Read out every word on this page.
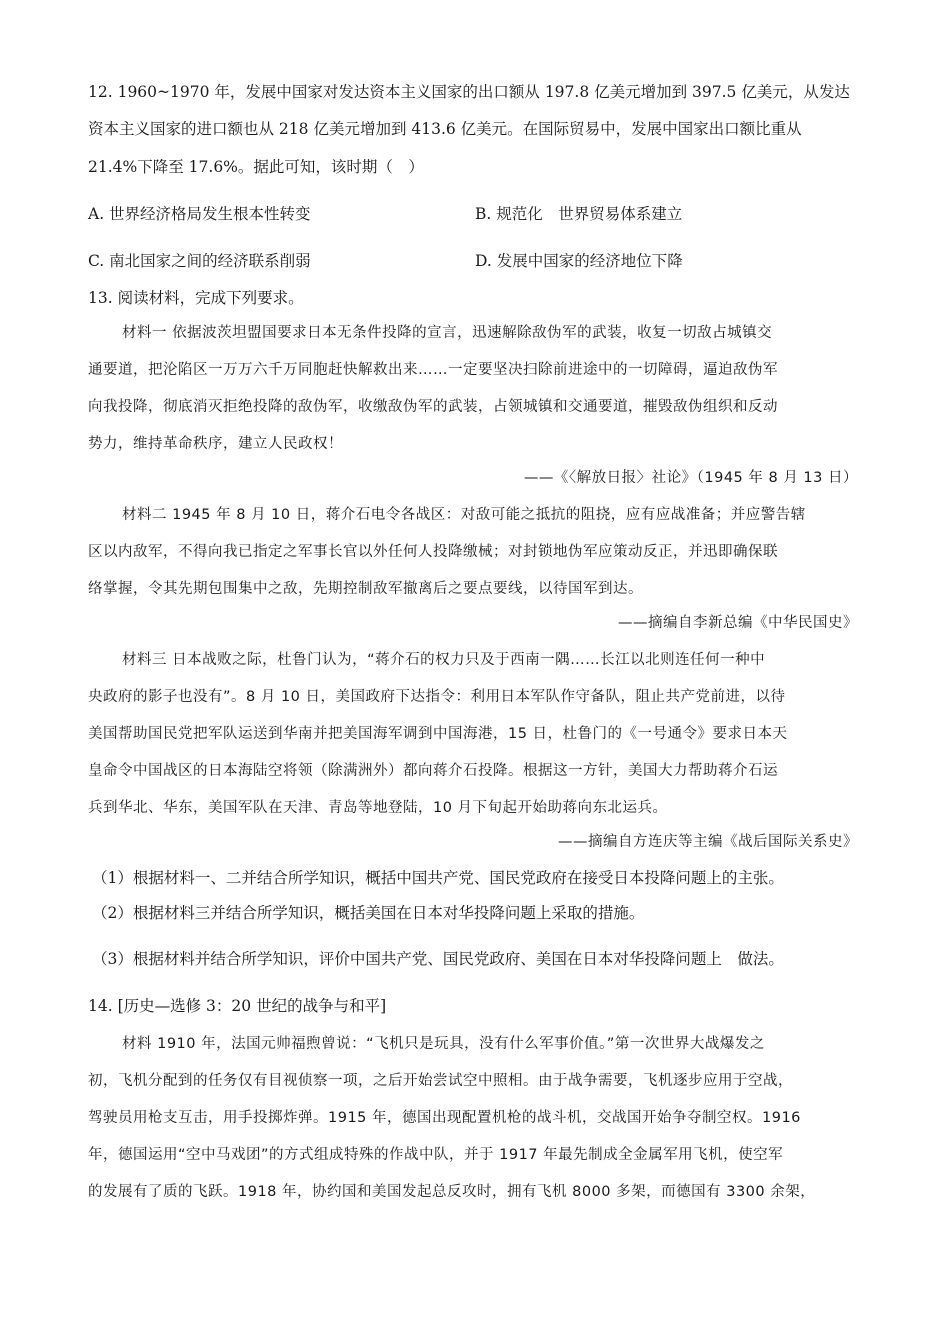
12. 1960~1970 年，发展中国家对发达资本主义国家的出口额从 197.8 亿美元增加到 397.5 亿美元，从发达
资本主义国家的进口额也从 218 亿美元增加到 413.6 亿美元。在国际贸易中，发展中国家出口额比重从
21.4%下降至 17.6%。据此可知，该时期（　）
A. 世界经济格局发生根本性转变	B. 规范化　世界贸易体系建立
C. 南北国家之间的经济联系削弱	D. 发展中国家的经济地位下降
13. 阅读材料，完成下列要求。
材料一 依据波茨坦盟国要求日本无条件投降的宣言，迅速解除敌伪军的武装，收复一切敌占城镇交
通要道，把沦陷区一万万六千万同胞赶快解救出来……一定要坚决扫除前进途中的一切障碍，逼迫敌伪军
向我投降，彻底消灭拒绝投降的敌伪军，收缴敌伪军的武装，占领城镇和交通要道，摧毁敌伪组织和反动
势力，维持革命秩序，建立人民政权！
——《〈解放日报〉社论》（1945 年 8 月 13 日）
材料二 1945 年 8 月 10 日，蒋介石电令各战区：对敌可能之抵抗的阻挠，应有应战准备；并应警告辖
区以内敌军，不得向我已指定之军事长官以外任何人投降缴械；对封锁地伪军应策动反正，并迅即确保联
络掌握，令其先期包围集中之敌，先期控制敌军撤离后之要点要线，以待国军到达。
——摘编自李新总编《中华民国史》
材料三 日本战败之际，杜鲁门认为，“蒋介石的权力只及于西南一隅……长江以北则连任何一种中
央政府的影子也没有”。8 月 10 日，美国政府下达指令：利用日本军队作守备队，阻止共产党前进，以待
美国帮助国民党把军队运送到华南并把美国海军调到中国海港，15 日，杜鲁门的《一号通令》要求日本天
皇命令中国战区的日本海陆空将领（除满洲外）都向蒋介石投降。根据这一方针，美国大力帮助蒋介石运
兵到华北、华东，美国军队在天津、青岛等地登陆，10 月下旬起开始助蒋向东北运兵。
——摘编自方连庆等主编《战后国际关系史》
（1）根据材料一、二并结合所学知识，概括中国共产党、国民党政府在接受日本投降问题上的主张。
（2）根据材料三并结合所学知识，概括美国在日本对华投降问题上采取的措施。
（3）根据材料并结合所学知识，评价中国共产党、国民党政府、美国在日本对华投降问题上　做法。
14. [历史—选修 3：20 世纪的战争与和平]
材料 1910 年，法国元帅福煦曾说：“飞机只是玩具，没有什么军事价值。”第一次世界大战爆发之
初，飞机分配到的任务仅有目视侦察一项，之后开始尝试空中照相。由于战争需要，飞机逐步应用于空战，
驾驶员用枪支互击，用手投掷炸弹。1915 年，德国出现配置机枪的战斗机，交战国开始争夺制空权。1916
年，德国运用“空中马戏团”的方式组成特殊的作战中队，并于 1917 年最先制成全金属军用飞机，使空军
的发展有了质的飞跃。1918 年，协约国和美国发起总反攻时，拥有飞机 8000 多架，而德国有 3300 余架，
